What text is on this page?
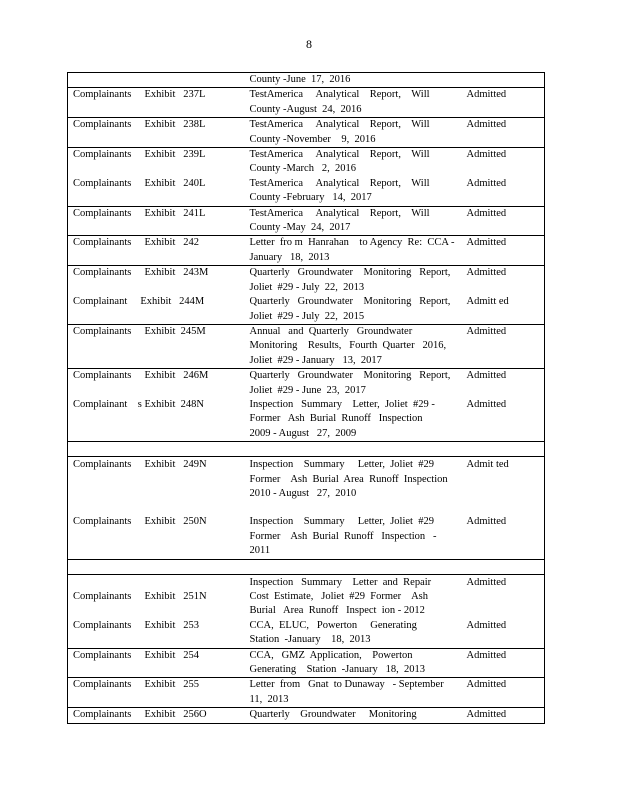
8

	County -June  17,  2016	

Complainants     Exhibit   237L	TestAmerica     Analytical    Report,    Will
County -August  24,  2016	Admitted
Complainants     Exhibit   238L	TestAmerica     Analytical    Report,    Will
County -November    9,  2016	Admitted
Complainants     Exhibit   239L	TestAmerica     Analytical    Report,    Will
County -March   2,  2016	Admitted
Complainants     Exhibit   240L	TestAmerica     Analytical    Report,    Will
County -February   14,  2017	Admitted
Complainants     Exhibit   241L	TestAmerica     Analytical    Report,    Will
County -May  24,  2017	Admitted
Complainants     Exhibit   242	Letter  fro m  Hanrahan    to Agency  Re:  CCA -
January   18,  2013	Admitted
Complainants     Exhibit   243M	Quarterly   Groundwater    Monitoring   Report,
Joliet  #29 - July  22,  2013	Admitted
Complainant     Exhibit   244M	Quarterly   Groundwater    Monitoring   Report,
Joliet  #29 - July  22,  2015	Admitt ed
Complainants     Exhibit  245M	Annual   and  Quarterly   Groundwater
Monitoring    Results,   Fourth  Quarter   2016,
Joliet  #29 - January   13,  2017	Admitted
Complainants     Exhibit   246M	Quarterly   Groundwater    Monitoring   Report,
Joliet  #29 - June  23,  2017	Admitted
Complainant    s Exhibit  248N	Inspection   Summary    Letter,  Joliet  #29 -
Former   Ash  Burial  Runoff   Inspection
2009 - August   27,  2009	Admitted

Complainants     Exhibit   249N	Inspection    Summary     Letter,  Joliet  #29
Former    Ash  Burial  Area  Runoff  Inspection
2010 - August   27,  2010	Admit ted
Complainants     Exhibit   250N	Inspection    Summary     Letter,  Joliet  #29
Former    Ash  Burial  Runoff   Inspection   -
2011	Admitted

Complainants     Exhibit   251N	Inspection   Summary    Letter  and  Repair
Cost  Estimate,   Joliet  #29  Former    Ash
Burial   Area  Runoff   Inspect  ion - 2012	Admitted
Complainants     Exhibit   253	CCA,  ELUC,   Powerton     Generating
Station  -January    18,  2013	Admitted
Complainants     Exhibit   254	CCA,   GMZ  Application,    Powerton
Generating    Station  -January   18,  2013	Admitted
Complainants     Exhibit   255	Letter  from   Gnat  to Dunaway   - September
11,  2013	Admitted
Complainants     Exhibit   256O	Quarterly    Groundwater     Monitoring	Admitted
